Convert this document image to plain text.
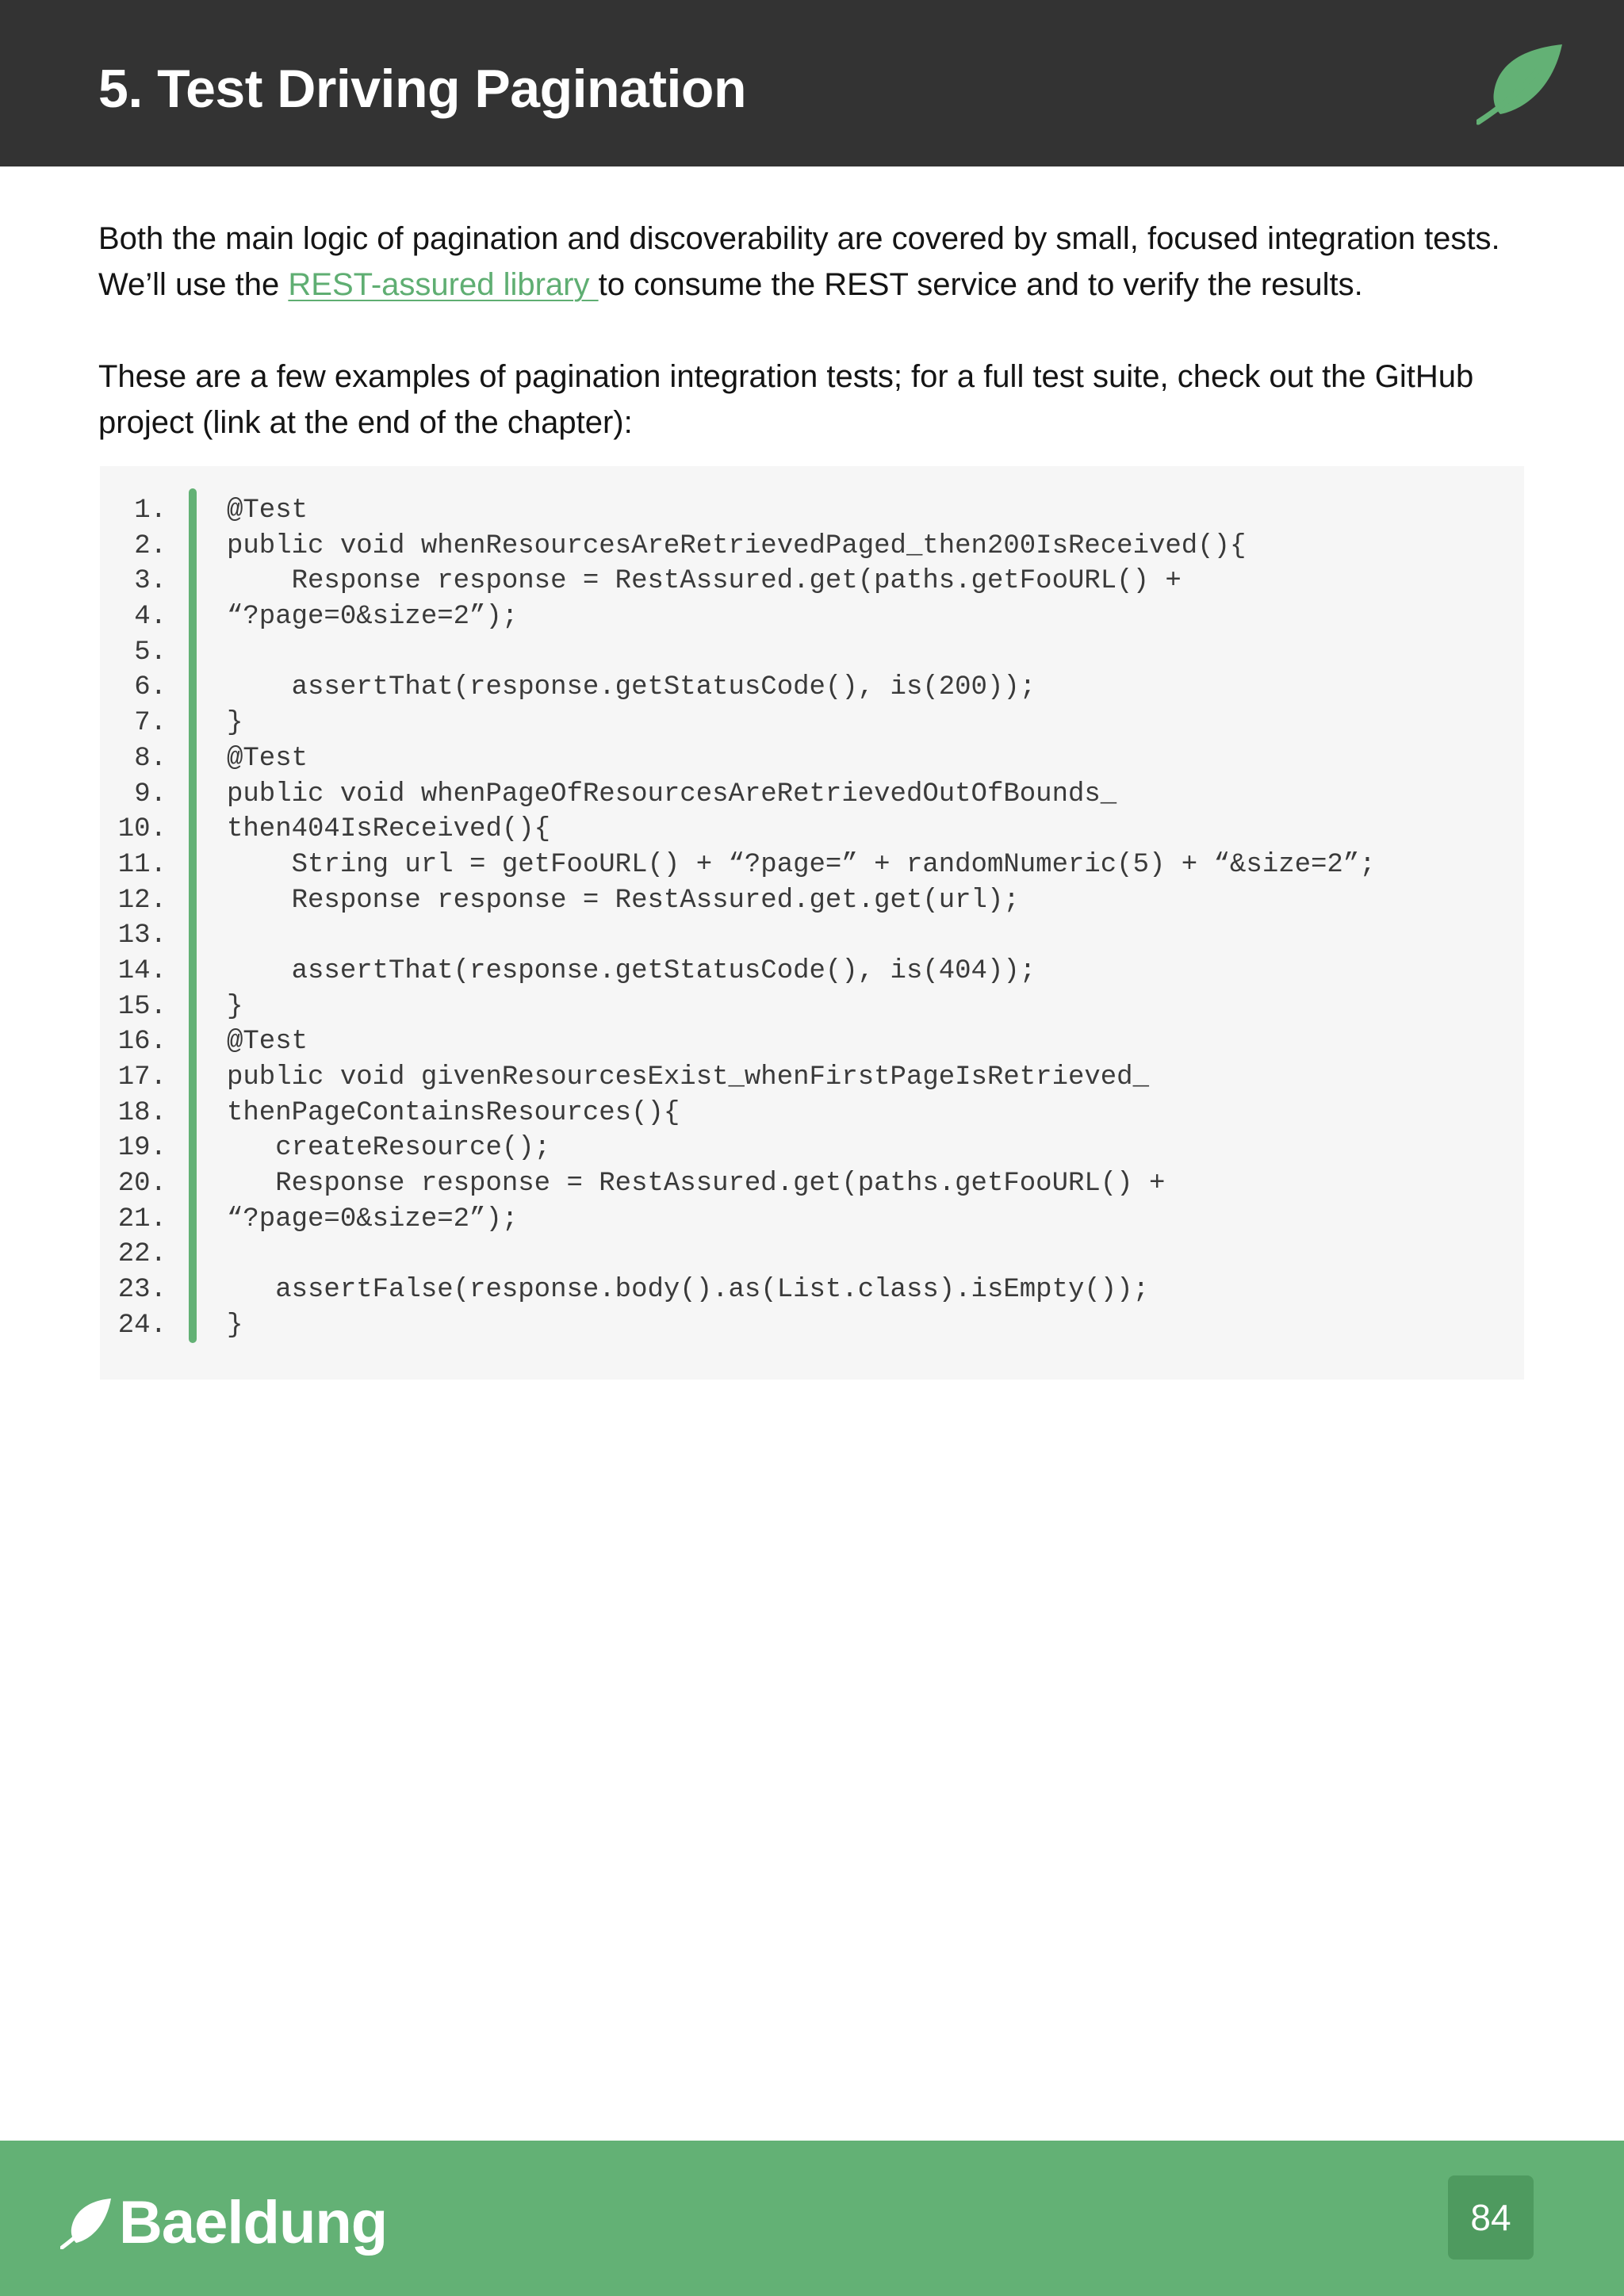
5. Test Driving Pagination

Both the main logic of pagination and discoverability are covered by small, focused integration tests. We’ll use the REST-assured library to consume the REST service and to verify the results.

These are a few examples of pagination integration tests; for a full test suite, check out the GitHub project (link at the end of the chapter):

1. @Test
2. public void whenResourcesAreRetrievedPaged_then200IsReceived(){
3. Response response = RestAssured.get(paths.getFooURL() +
4. “?page=0&size=2”);
5.
6. assertThat(response.getStatusCode(), is(200));
7. }
8. @Test
9. public void whenPageOfResourcesAreRetrievedOutOfBounds_
10. then404IsReceived(){
11. String url = getFooURL() + “?page=” + randomNumeric(5) + “&size=2”;
12. Response response = RestAssured.get.get(url);
13.
14. assertThat(response.getStatusCode(), is(404));
15. }
16. @Test
17. public void givenResourcesExist_whenFirstPageIsRetrieved_
18. thenPageContainsResources(){
19. createResource();
20. Response response = RestAssured.get(paths.getFooURL() +
21. “?page=0&size=2”);
22.
23. assertFalse(response.body().as(List.class).isEmpty());
24. }
Baeldung	84
